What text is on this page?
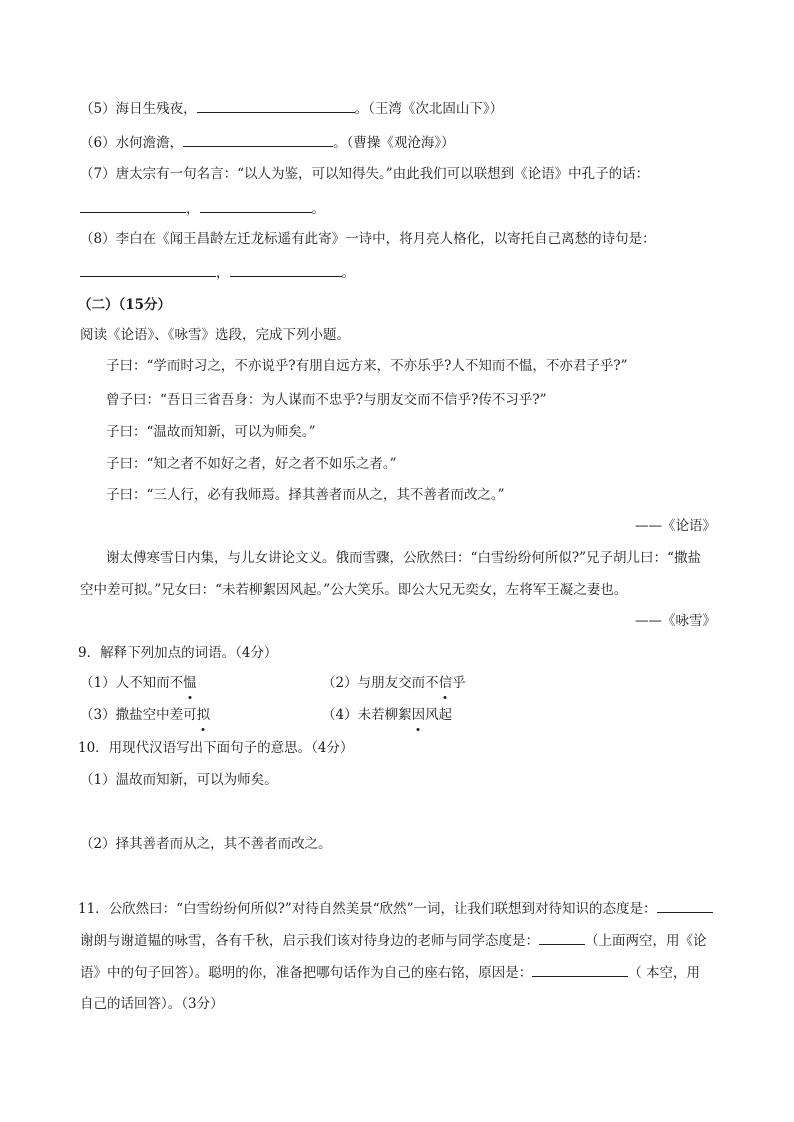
（5）海日生残夜，	。（王湾《次北固山下》）
（6）水何澹澹，	。（曹操《观沧海》）
（7）唐太宗有一句名言：“以人为鉴，可以知得失。”由此我们可以联想到《论语》中孔子的话：
，	。
（8）李白在《闻王昌龄左迁龙标遥有此寄》一诗中，将月亮人格化，以寄托自己离愁的诗句是：
，	。
（二）（15分）
阅读《论语》、《咏雪》选段，完成下列小题。
子曰：“学而时习之，不亦说乎?有朋自远方来，不亦乐乎?人不知而不愠，不亦君子乎?”
曾子曰：“吾日三省吾身：为人谋而不忠乎?与朋友交而不信乎?传不习乎?”
子曰：“温故而知新，可以为师矣。”
子曰：“知之者不如好之者，好之者不如乐之者。”
子曰：“三人行，必有我师焉。择其善者而从之，其不善者而改之。”
——《论语》
谢太傅寒雪日内集，与儿女讲论文义。俄而雪骤，公欣然曰：“白雪纷纷何所似?”兄子胡儿曰：“撒盐
空中差可拟。”兄女曰：“未若柳絮因风起。”公大笑乐。即公大兄无奕女，左将军王凝之妻也。
——《咏雪》
9．解释下列加点的词语。（4分）
（1）人不知而不愠	（2）与朋友交而不信乎
（3）撒盐空中差可拟	（4）未若柳絮因风起
10．用现代汉语写出下面句子的意思。（4分）
（1）温故而知新，可以为师矣。
（2）择其善者而从之，其不善者而改之。
11．公欣然曰：“白雪纷纷何所似?”对待自然美景“欣然”一词，让我们联想到对待知识的态度是：
谢朗与谢道韫的咏雪，各有千秋，启示我们该对待身边的老师与同学态度是：	（上面两空，用《论
语》中的句子回答）。聪明的你，准备把哪句话作为自己的座右铭，原因是：	（ 本空，用
自己的话回答）。（3分）
